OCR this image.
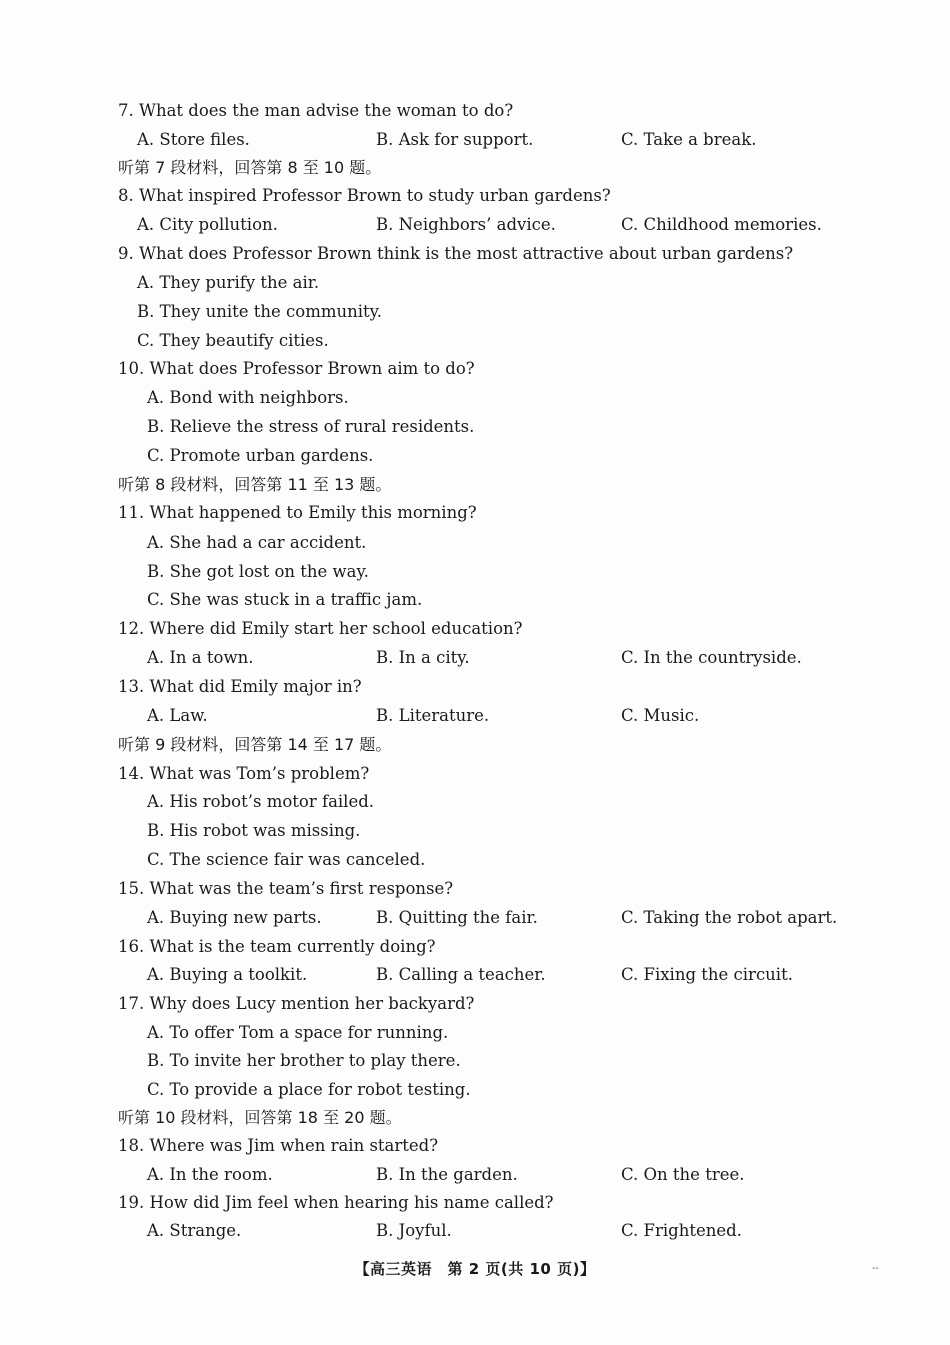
7. What does the man advise the woman to do?
A. Store files.	B. Ask for support.	C. Take a break.
听第 7 段材料，回答第 8 至 10 题。
8. What inspired Professor Brown to study urban gardens?
A. City pollution.	B. Neighbors’ advice.	C. Childhood memories.
9. What does Professor Brown think is the most attractive about urban gardens?
A. They purify the air.
B. They unite the community.
C. They beautify cities.
10. What does Professor Brown aim to do?
A. Bond with neighbors.
B. Relieve the stress of rural residents.
C. Promote urban gardens.
听第 8 段材料，回答第 11 至 13 题。
11. What happened to Emily this morning?
A. She had a car accident.
B. She got lost on the way.
C. She was stuck in a traffic jam.
12. Where did Emily start her school education?
A. In a town.	B. In a city.	C. In the countryside.
13. What did Emily major in?
A. Law.	B. Literature.	C. Music.
听第 9 段材料，回答第 14 至 17 题。
14. What was Tom’s problem?
A. His robot’s motor failed.
B. His robot was missing.
C. The science fair was canceled.
15. What was the team’s first response?
A. Buying new parts.	B. Quitting the fair.	C. Taking the robot apart.
16. What is the team currently doing?
A. Buying a toolkit.	B. Calling a teacher.	C. Fixing the circuit.
17. Why does Lucy mention her backyard?
A. To offer Tom a space for running.
B. To invite her brother to play there.
C. To provide a place for robot testing.
听第 10 段材料，回答第 18 至 20 题。
18. Where was Jim when rain started?
A. In the room.	B. In the garden.	C. On the tree.
19. How did Jim feel when hearing his name called?
A. Strange.	B. Joyful.	C. Frightened.
【高三英语　第 2 页(共 10 页)】	--
